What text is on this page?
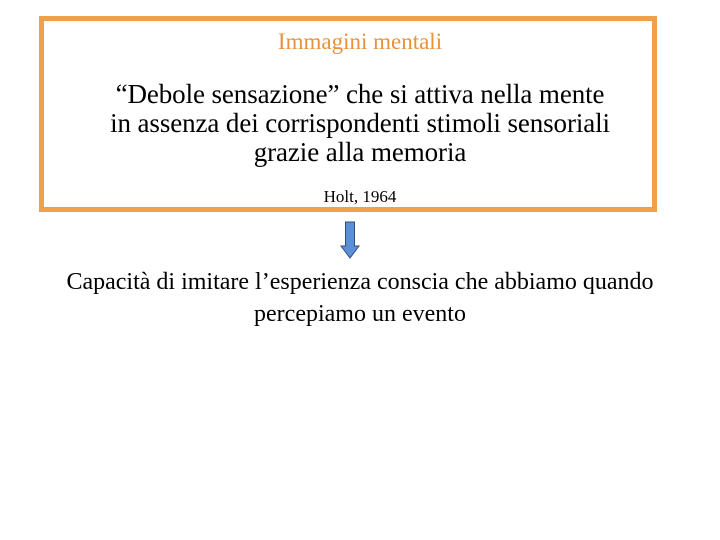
Immagini mentali
“Debole sensazione” che si attiva nella mente
in assenza dei corrispondenti stimoli sensoriali
grazie alla memoria
Holt, 1964
Capacità di imitare l’esperienza conscia che abbiamo quando
percepiamo un evento
